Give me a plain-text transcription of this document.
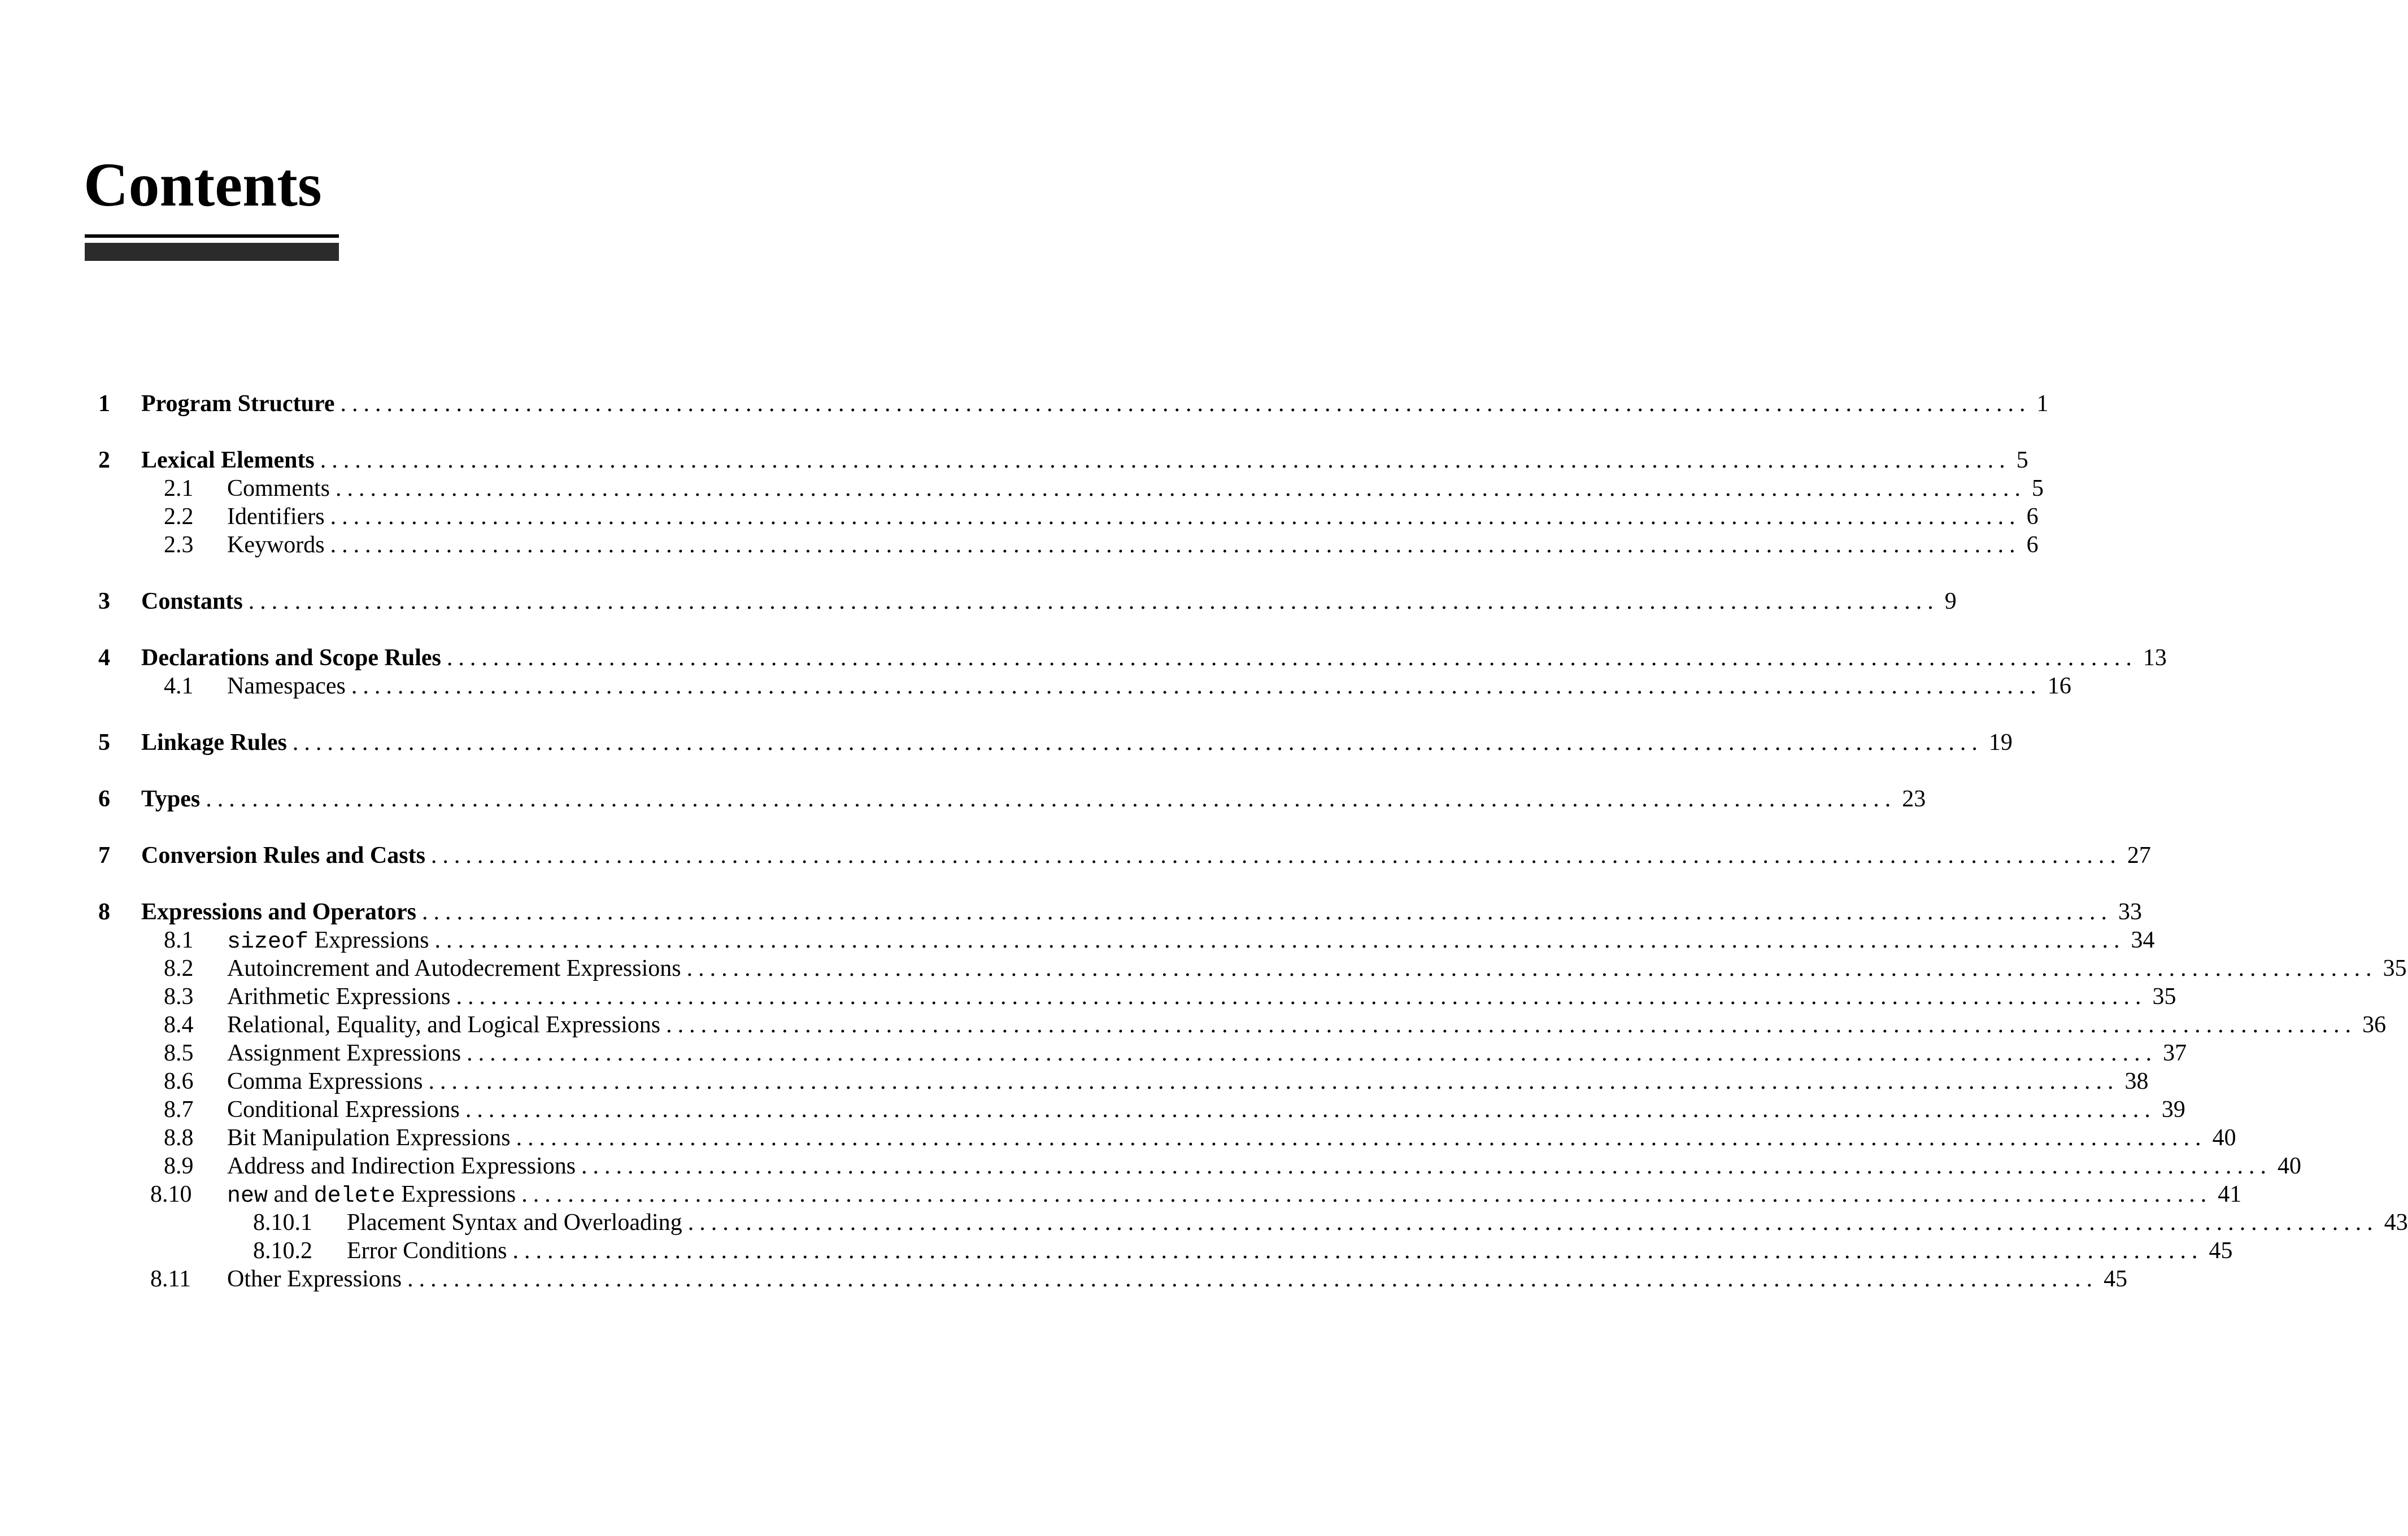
Contents
1 Program Structure .................................................................................................................................................. 1
2 Lexical Elements .................................................................................................................................................. 5
2.1 Comments .................................................................................................................................................. 5
2.2 Identifiers .................................................................................................................................................. 6
2.3 Keywords .................................................................................................................................................. 6
3 Constants .................................................................................................................................................. 9
4 Declarations and Scope Rules .................................................................................................................................................. 13
4.1 Namespaces .................................................................................................................................................. 16
5 Linkage Rules .................................................................................................................................................. 19
6 Types .................................................................................................................................................. 23
7 Conversion Rules and Casts .................................................................................................................................................. 27
8 Expressions and Operators .................................................................................................................................................. 33
8.1 sizeof Expressions .................................................................................................................................................. 34
8.2 Autoincrement and Autodecrement Expressions .................................................................................................................................................. 35
8.3 Arithmetic Expressions .................................................................................................................................................. 35
8.4 Relational, Equality, and Logical Expressions .................................................................................................................................................. 36
8.5 Assignment Expressions .................................................................................................................................................. 37
8.6 Comma Expressions .................................................................................................................................................. 38
8.7 Conditional Expressions .................................................................................................................................................. 39
8.8 Bit Manipulation Expressions .................................................................................................................................................. 40
8.9 Address and Indirection Expressions .................................................................................................................................................. 40
8.10 new and delete Expressions .................................................................................................................................................. 41
8.10.1 Placement Syntax and Overloading .................................................................................................................................................. 43
8.10.2 Error Conditions .................................................................................................................................................. 45
8.11 Other Expressions .................................................................................................................................................. 45
